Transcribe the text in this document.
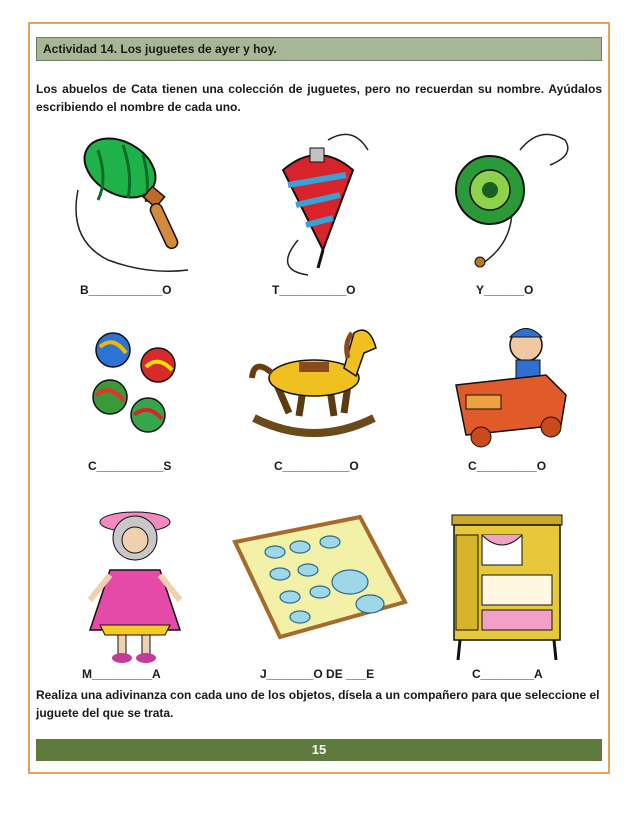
Actividad 14. Los juguetes de ayer y hoy.
Los abuelos de Cata tienen una colección de juguetes, pero no recuerdan su nombre. Ayúdalos escribiendo el nombre de cada uno.
B___________O	T__________O	Y______O
C__________S	C__________O	C_________O
M_________A	J_______O DE ___E	C________A
Realiza una adivinanza con cada uno de los objetos, dísela a un compañero para que seleccione el juguete del que se trata.
15
